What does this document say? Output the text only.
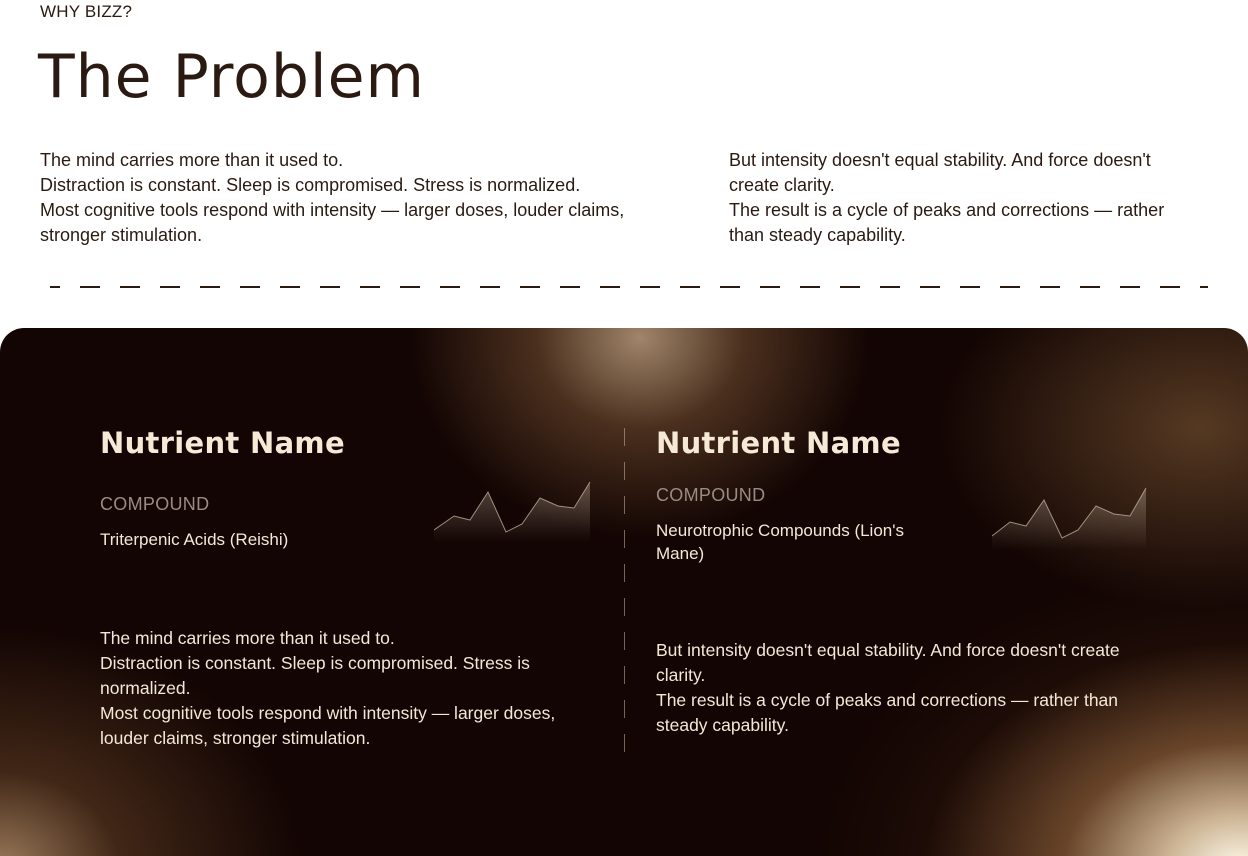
WHY BIZZ?
The Problem

The mind carries more than it used to.

Distraction is constant. Sleep is compromised. Stress is normalized.

Most cognitive tools respond with intensity — larger doses, louder claims, stronger stimulation.

But intensity doesn't equal stability. And force doesn't create clarity.

The result is a cycle of peaks and corrections — rather than steady capability.

Nutrient Name
COMPOUND
Triterpenic Acids (Reishi)

The mind carries more than it used to.

Distraction is constant. Sleep is compromised. Stress is normalized.

Most cognitive tools respond with intensity — larger doses, louder claims, stronger stimulation.

Nutrient Name
COMPOUND
Neurotrophic Compounds (Lion's Mane)

But intensity doesn't equal stability. And force doesn't create clarity.

The result is a cycle of peaks and corrections — rather than steady capability.
